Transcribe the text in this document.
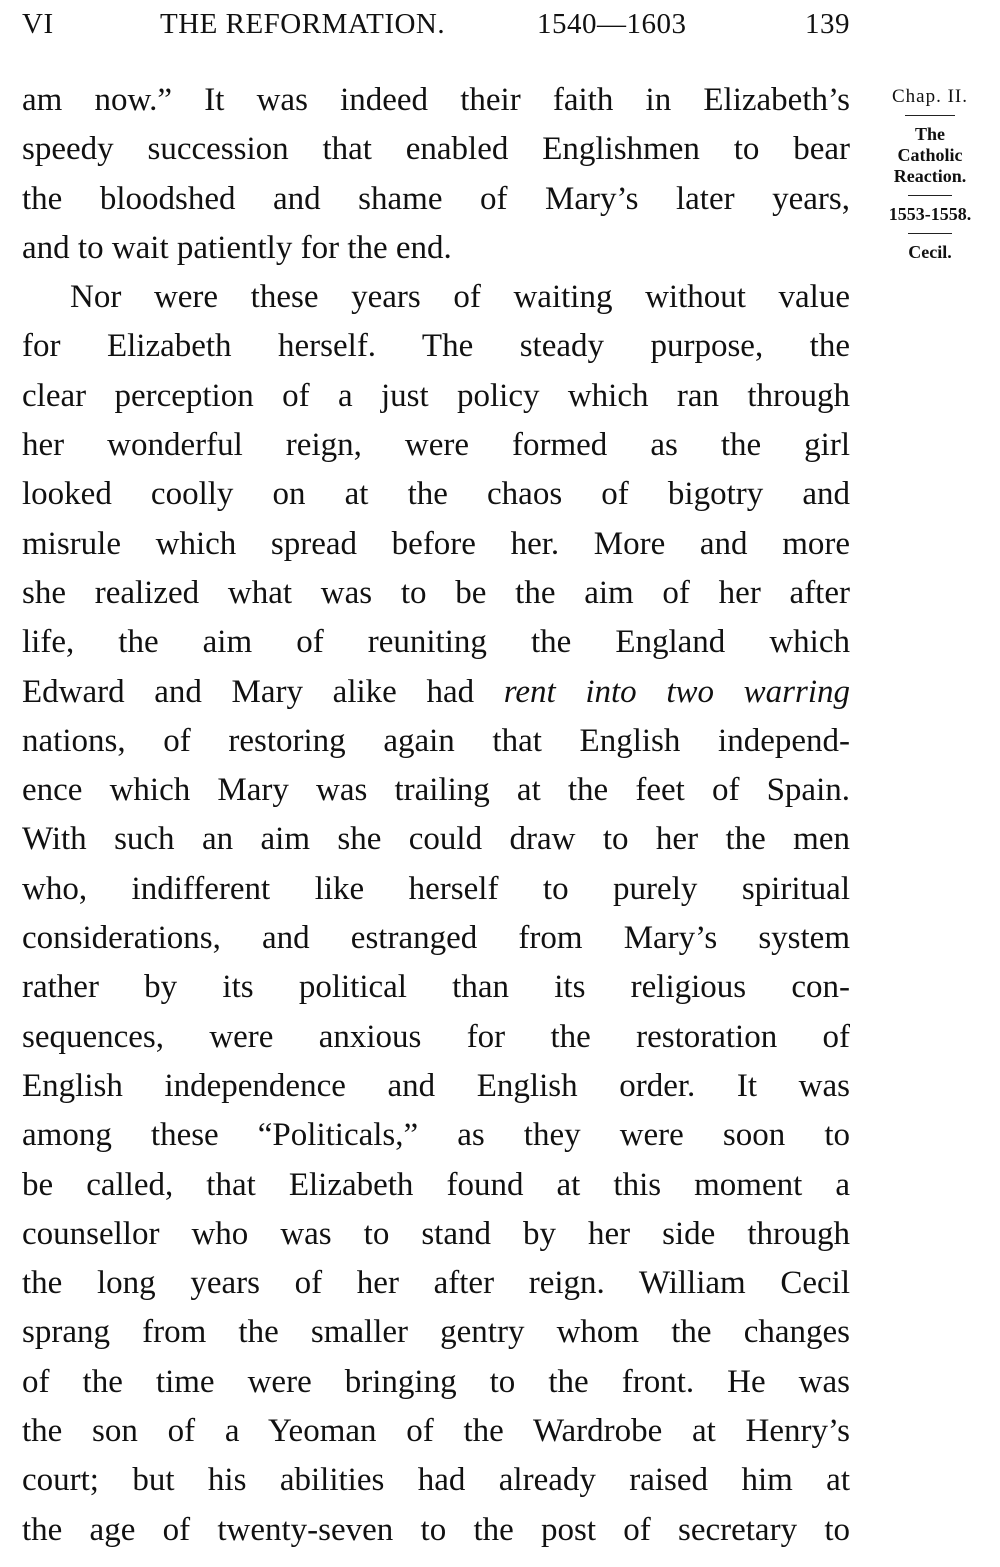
VI	THE REFORMATION.	1540—1603	139
am now.” It was indeed their faith in Elizabeth’s
speedy succession that enabled Englishmen to bear
the bloodshed and shame of Mary’s later years,
and to wait patiently for the end.
Nor were these years of waiting without value
for Elizabeth herself. The steady purpose, the
clear perception of a just policy which ran through
her wonderful reign, were formed as the girl
looked coolly on at the chaos of bigotry and
misrule which spread before her. More and more
she realized what was to be the aim of her after
life, the aim of reuniting the England which
Edward and Mary alike had rent into two warring
nations, of restoring again that English independ-
ence which Mary was trailing at the feet of Spain.
With such an aim she could draw to her the men
who, indifferent like herself to purely spiritual
considerations, and estranged from Mary’s system
rather by its political than its religious con-
sequences, were anxious for the restoration of
English independence and English order. It was
among these “Politicals,” as they were soon to
be called, that Elizabeth found at this moment a
counsellor who was to stand by her side through
the long years of her after reign. William Cecil
sprang from the smaller gentry whom the changes
of the time were bringing to the front. He was
the son of a Yeoman of the Wardrobe at Henry’s
court; but his abilities had already raised him at
the age of twenty-seven to the post of secretary to
Chap. II.
The
Catholic
Reaction.
1553-1558.
Cecil.
